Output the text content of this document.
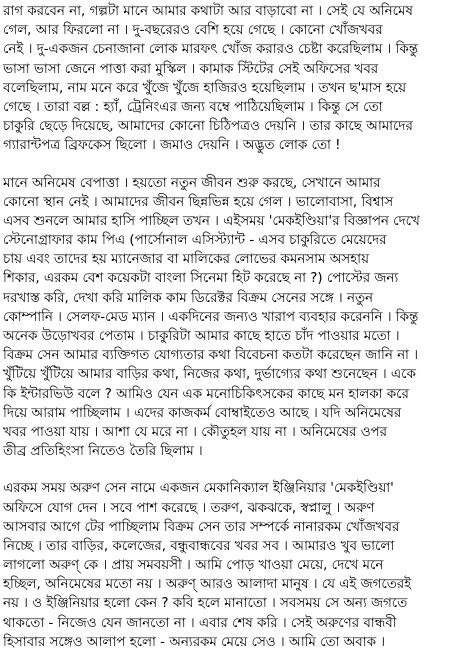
রাগ করবেন না, গল্পটা মানে আমার কথাটা আর বাড়াবো না । সেই যে অনিমেষ
গেল, আর ফিরলো না । দু-বছরেরও বেশি হয়ে গেছে । কোনো খোঁজখবর
নেই । দু-একজন চেনাজানা লোক মারফৎ খোঁজ করারও চেষ্টা করেছিলাম । কিন্তু
ভাসা ভাসা জেনে পাত্তা করা মুস্কিল । কামাক স্টিটের সেই অফিসের খবর
বলেছিলাম, নাম মনে করে খুঁজে খুঁজে হাজিরও হয়েছিলাম । তখন ছ'মাস হয়ে
গেছে । তারা বল্ল : হ্যাঁ, ট্রেনিংএর জন্য বম্বে পাঠিয়েছিলাম । কিন্তু সে তো
চাকুরি ছেড়ে দিয়েছে, আমাদের কোনো চিঠিপত্রও দেয়নি । তার কাছে আমাদের
গ্যারান্টপত্র ব্রিফকেস ছিলো । জমাও দেয়নি । অদ্ভুত লোক তো !
মানে অনিমেষ বেপাত্তা । হয়তো নতুন জীবন শুরু করছে, সেখানে আমার
কোনো স্থান নেই । আমাদের জীবন ছিন্নভিন্ন হয়ে গেল । ভালোবাসা, বিশ্বাস
এসব শুনলে আমার হাসি পাচ্ছিল তখন । এইসময় 'মেকইণ্ডিয়া'র বিজ্ঞাপন দেখে
স্টেনোগ্রাফার কাম পিএ (পার্সোনাল এসিস্ট্যান্ট - এসব চাকুরিতে মেয়েদের
চায় এবং তাদের হয় ম্যানেজার বা মালিকের লোভের কমনসাম অসহায়
শিকার, এরকম বেশ কয়েকটা বাংলা সিনেমা হিট করেছে না ?) পোস্টের জন্য
দরখাস্ত করি, দেখা করি মালিক কাম ডিরেক্টর বিক্রম সেনের সঙ্গে । নতুন
কোম্পানি । সেলফ-মেড ম্যান । একদিনের জন্যও খারাপ ব্যবহার করেননি । কিন্তু
অনেক উড়োখবর পেতাম । চাকুরিটা আমার কাছে হাতে চাঁদ পাওয়ার মতো ।
বিক্রম সেন আমার ব্যক্তিগত যোগ্যতার কথা বিবেচনা কতটা করেছেন জানি না ।
খুঁটিয়ে খুঁটিয়ে আমার বাড়ির কথা, নিজের কথা, দুর্ভাগ্যের কথা শুনেছেন । একে
কি ইন্টারভিউ বলে ? আমিও যেন এক মনোচিকিৎসকের কাছে মন হালকা করে
দিয়ে আরাম পাচ্ছিলাম । এদের কাজকর্ম বোম্বাইতেও আছে । যদি অনিমেষের
খবর পাওয়া যায় । আশা যে মরে না । কৌতুহল যায় না । অনিমেষের ওপর
তীব্র প্রতিহিংসা নিতেও তৈরি ছিলাম ।
এরকম সময় অরুণ সেন নামে একজন মেকানিক্যাল ইঞ্জিনিয়ার 'মেকইণ্ডিয়া'
অফিসে যোগ দেন । সবে পাশ করেছে । তরুণ, ঝকঝকে, স্বপ্নালু । অরুণ
আসবার আগে টের পাচ্ছিলাম বিক্রম সেন তার সম্পর্কে নানারকম খোঁজখবর
নিচ্ছে । তার বাড়ির, কলেজের, বন্ধুবান্ধবের খবর সব । আমারও খুব ভালো
লাগলো অরুণ্ কে । প্রায় সমবয়সী । আমি পোড় খাওয়া মেয়ে, দেখে মনে
হচ্ছিল, অনিমেষের মতো নয় । অরুণ্ আরও আলাদা মানুষ । যে এই জগতেরই
নয় । ও ইঞ্জিনিয়ার হলো কেন ? কবি হলে মানাতো । সবসময় সে অন্য জগতে
থাকতো - নিজেও যেন জানতো না । এবার শেষ করি । সেই অরুণের বান্ধবী
হিসাবার সঙ্গেও আলাপ হলো - অন্যরকম মেয়ে সেও । আমি তো অবাক ।
